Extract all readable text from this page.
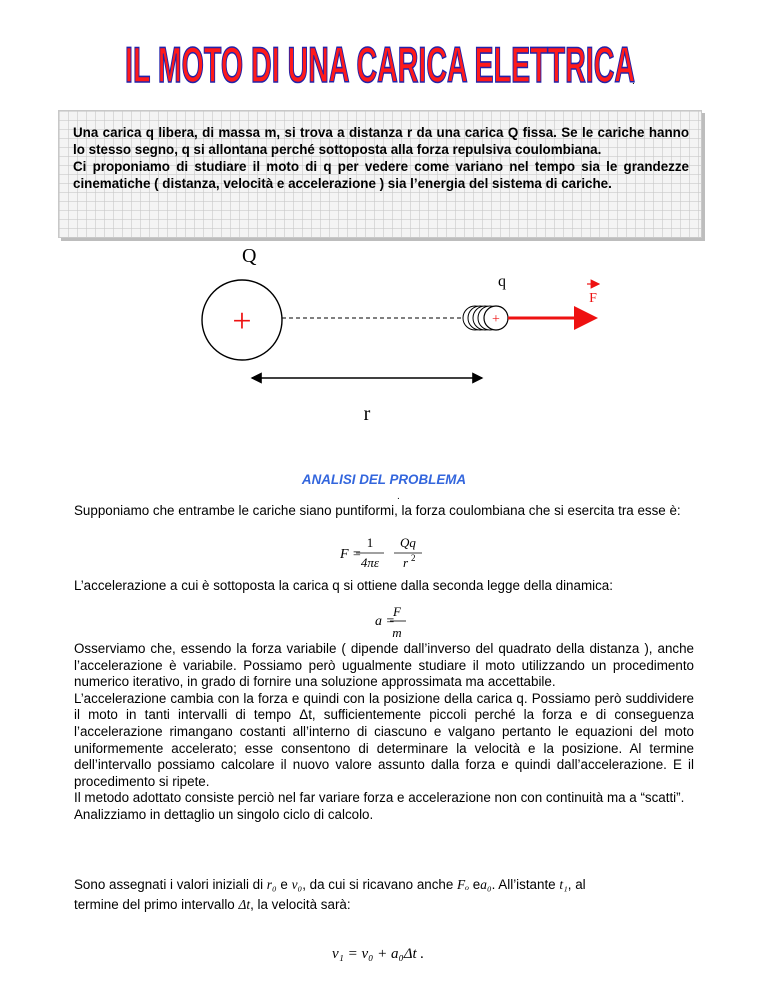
IL MOTO DI UNA CARICA ELETTRICA
.

Una carica q libera, di massa m, si trova a distanza r da una carica Q fissa. Se le cariche hanno lo stesso segno, q si allontana perché sottoposta alla forza repulsiva coulombiana.

Ci proponiamo di studiare il moto di q per vedere come variano nel tempo sia le grandezze cinematiche ( distanza, velocità e accelerazione ) sia l’energia del sistema di cariche.

Q
+	+
q
F
r
ANALISI DEL PROBLEMA
.

Supponiamo che entrambe le cariche siano puntiformi, la forza coulombiana che si esercita tra esse è:

F =
1
4πε
Qq
r 2

L’accelerazione a cui è sottoposta la carica q si ottiene dalla seconda legge della dinamica:

a =
F
m

Osserviamo che, essendo la forza variabile ( dipende dall’inverso del quadrato della distanza ), anche l’accelerazione è variabile. Possiamo però ugualmente studiare il moto utilizzando un procedimento numerico iterativo, in grado di fornire una soluzione approssimata ma accettabile.

L’accelerazione cambia con la forza e quindi con la posizione della carica q. Possiamo però suddividere il moto in tanti intervalli di tempo Δt, sufficientemente piccoli perché la forza e di conseguenza l’accelerazione rimangano costanti all’interno di ciascuno e valgano pertanto le equazioni del moto uniformemente accelerato; esse consentono di determinare la velocità e la posizione. Al termine dell’intervallo possiamo calcolare il nuovo valore assunto dalla forza e quindi dall’accelerazione. E il procedimento si ripete.

Il metodo adottato consiste perciò nel far variare forza e accelerazione non con continuità ma a “scatti”.

Analizziamo in dettaglio un singolo ciclo di calcolo.

Sono assegnati i valori iniziali di r₀ e v₀, da cui si ricavano anche Fₒ ea₀. All’istante t₁, al
termine del primo intervallo Δt, la velocità sarà:
v₁ = v₀ + a₀Δt .
